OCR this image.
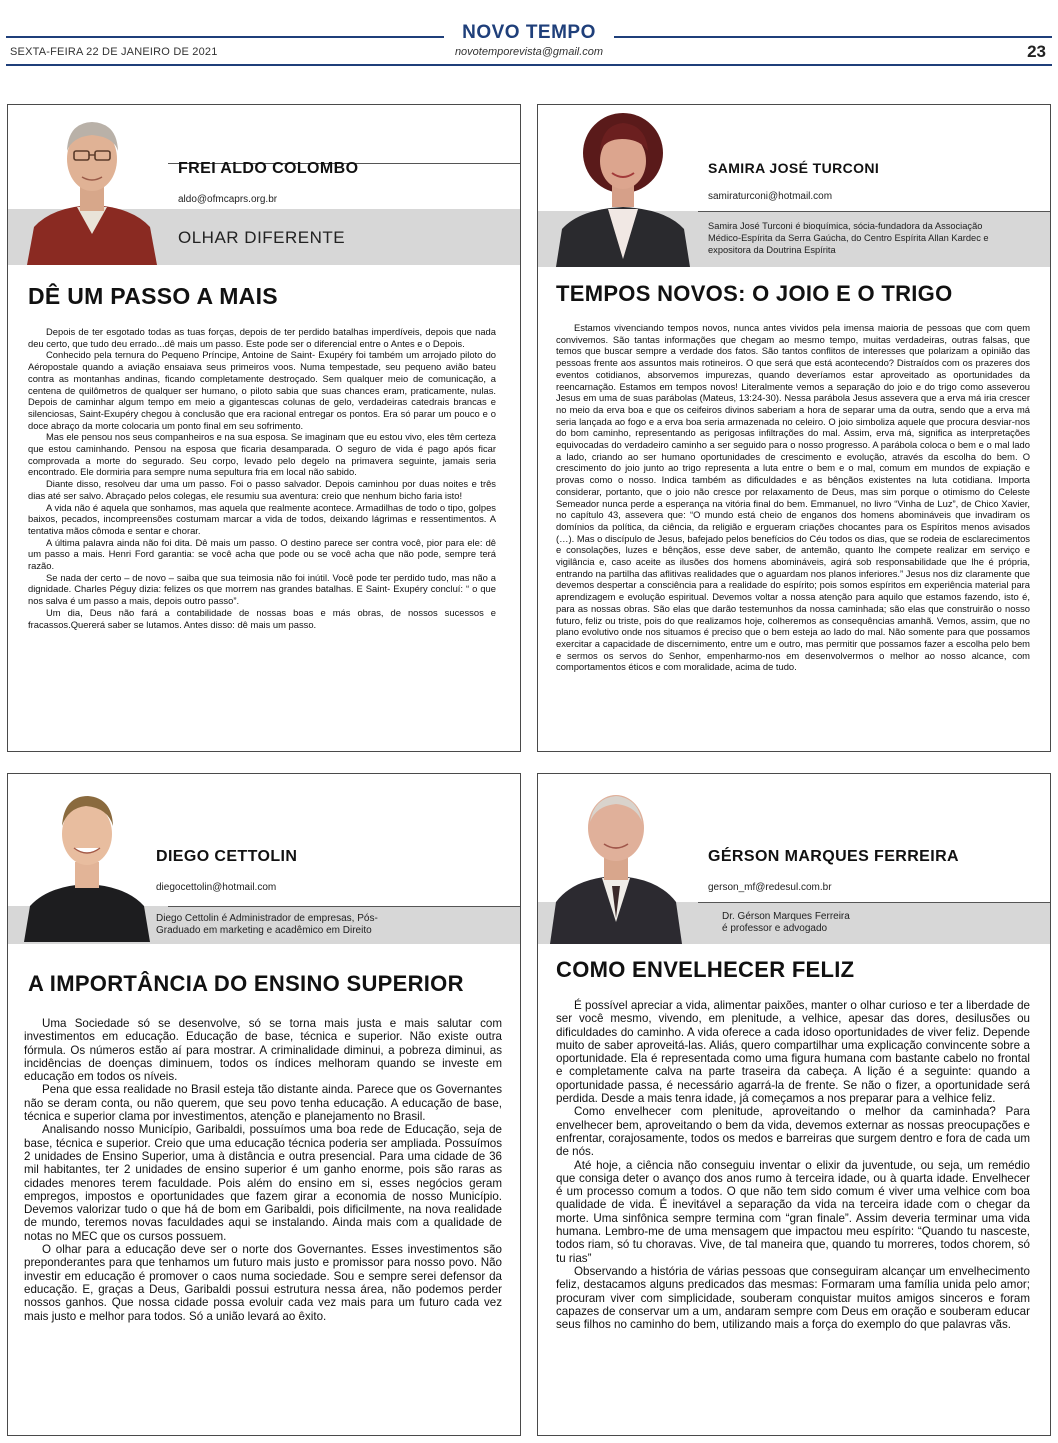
NOVO TEMPO
SEXTA-FEIRA 22 DE JANEIRO DE 2021	novotemporevista@gmail.com	23
FREI ALDO COLOMBO
aldo@ofmcaprs.org.br
OLHAR DIFERENTE
DÊ UM PASSO A MAIS

Depois de ter esgotado todas as tuas forças, depois de ter perdido batalhas imperdíveis, depois que nada deu certo, que tudo deu errado...dê mais um passo. Este pode ser o diferencial entre o Antes e o Depois.

Conhecido pela ternura do Pequeno Príncipe, Antoine de Saint- Exupéry foi também um arrojado piloto do Aéropostale quando a aviação ensaiava seus primeiros voos. Numa tempestade, seu pequeno avião bateu contra as montanhas andinas, ficando completamente destroçado. Sem qualquer meio de comunicação, a centena de quilômetros de qualquer ser humano, o piloto sabia que suas chances eram, praticamente, nulas. Depois de caminhar algum tempo em meio a gigantescas colunas de gelo, verdadeiras catedrais brancas e silenciosas, Saint-Exupéry chegou à conclusão que era racional entregar os pontos. Era só parar um pouco e o doce abraço da morte colocaria um ponto final em seu sofrimento.

Mas ele pensou nos seus companheiros e na sua esposa. Se imaginam que eu estou vivo, eles têm certeza que estou caminhando. Pensou na esposa que ficaria desamparada. O seguro de vida é pago após ficar comprovada a morte do segurado. Seu corpo, levado pelo degelo na primavera seguinte, jamais seria encontrado. Ele dormiria para sempre numa sepultura fria em local não sabido.

Diante disso, resolveu dar uma um passo. Foi o passo salvador. Depois caminhou por duas noites e três dias até ser salvo. Abraçado pelos colegas, ele resumiu sua aventura: creio que nenhum bicho faria isto!

A vida não é aquela que sonhamos, mas aquela que realmente acontece. Armadilhas de todo o tipo, golpes baixos, pecados, incompreensões costumam marcar a vida de todos, deixando lágrimas e ressentimentos. A tentativa mãos cômoda e sentar e chorar.

A última palavra ainda não foi dita. Dê mais um passo. O destino parece ser contra você, pior para ele: dê um passo a mais. Henri Ford garantia: se você acha que pode ou se você acha que não pode, sempre terá razão.

Se nada der certo – de novo – saiba que sua teimosia não foi inútil. Você pode ter perdido tudo, mas não a dignidade. Charles Péguy dizia: felizes os que morrem nas grandes batalhas. E Saint- Exupéry concluí: “ o que nos salva é um passo a mais, depois outro passo”.

Um dia, Deus não fará a contabilidade de nossas boas e más obras, de nossos sucessos e fracassos.Quererá saber se lutamos. Antes disso: dê mais um passo.

SAMIRA JOSÉ TURCONI
samiraturconi@hotmail.com
Samira José Turconi é bioquímica, sócia-fundadora da Associação Médico-Espírita da Serra Gaúcha, do Centro Espírita Allan Kardec e expositora da Doutrina Espírita
TEMPOS NOVOS: O JOIO E O TRIGO

Estamos vivenciando tempos novos, nunca antes vividos pela imensa maioria de pessoas que com quem convivemos. São tantas informações que chegam ao mesmo tempo, muitas verdadeiras, outras falsas, que temos que buscar sempre a verdade dos fatos. São tantos conflitos de interesses que polarizam a opinião das pessoas frente aos assuntos mais rotineiros. O que será que está acontecendo? Distraídos com os prazeres dos eventos cotidianos, absorvemos impurezas, quando deveríamos estar aproveitado as oportunidades da reencarnação. Estamos em tempos novos! Literalmente vemos a separação do joio e do trigo como asseverou Jesus em uma de suas parábolas (Mateus, 13:24-30). Nessa parábola Jesus assevera que a erva má iria crescer no meio da erva boa e que os ceifeiros divinos saberiam a hora de separar uma da outra, sendo que a erva má seria lançada ao fogo e a erva boa seria armazenada no celeiro. O joio simboliza aquele que procura desviar-nos do bom caminho, representando as perigosas infiltrações do mal. Assim, erva má, significa as interpretações equivocadas do verdadeiro caminho a ser seguido para o nosso progresso. A parábola coloca o bem e o mal lado a lado, criando ao ser humano oportunidades de crescimento e evolução, através da escolha do bem. O crescimento do joio junto ao trigo representa a luta entre o bem e o mal, comum em mundos de expiação e provas como o nosso. Indica também as dificuldades e as bênçãos existentes na luta cotidiana. Importa considerar, portanto, que o joio não cresce por relaxamento de Deus, mas sim porque o otimismo do Celeste Semeador nunca perde a esperança na vitória final do bem. Emmanuel, no livro “Vinha de Luz”, de Chico Xavier, no capítulo 43, assevera que: “O mundo está cheio de enganos dos homens abomináveis que invadiram os domínios da política, da ciência, da religião e ergueram criações chocantes para os Espíritos menos avisados (…). Mas o discípulo de Jesus, bafejado pelos benefícios do Céu todos os dias, que se rodeia de esclarecimentos e consolações, luzes e bênçãos, esse deve saber, de antemão, quanto lhe compete realizar em serviço e vigilância e, caso aceite as ilusões dos homens abomináveis, agirá sob responsabilidade que lhe é própria, entrando na partilha das aflitivas realidades que o aguardam nos planos inferiores.” Jesus nos diz claramente que devemos despertar a consciência para a realidade do espírito; pois somos espíritos em experiência material para aprendizagem e evolução espiritual. Devemos voltar a nossa atenção para aquilo que estamos fazendo, isto é, para as nossas obras. São elas que darão testemunhos da nossa caminhada; são elas que construirão o nosso futuro, feliz ou triste, pois do que realizamos hoje, colheremos as consequências amanhã. Vemos, assim, que no plano evolutivo onde nos situamos é preciso que o bem esteja ao lado do mal. Não somente para que possamos exercitar a capacidade de discernimento, entre um e outro, mas permitir que possamos fazer a escolha pelo bem e sermos os servos do Senhor, empenharmo-nos em desenvolvermos o melhor ao nosso alcance, com comportamentos éticos e com moralidade, acima de tudo.

DIEGO CETTOLIN
diegocettolin@hotmail.com
Diego Cettolin é Administrador de empresas, Pós-Graduado em marketing e acadêmico em Direito
A IMPORTÂNCIA DO ENSINO SUPERIOR

Uma Sociedade só se desenvolve, só se torna mais justa e mais salutar com investimentos em educação. Educação de base, técnica e superior. Não existe outra fórmula. Os números estão aí para mostrar. A criminalidade diminui, a pobreza diminui, as incidências de doenças diminuem, todos os índices melhoram quando se investe em educação em todos os níveis.

Pena que essa realidade no Brasil esteja tão distante ainda. Parece que os Governantes não se deram conta, ou não querem, que seu povo tenha educação. A educação de base, técnica e superior clama por investimentos, atenção e planejamento no Brasil.

Analisando nosso Município, Garibaldi, possuímos uma boa rede de Educação, seja de base, técnica e superior. Creio que uma educação técnica poderia ser ampliada. Possuímos 2 unidades de Ensino Superior, uma à distância e outra presencial. Para uma cidade de 36 mil habitantes, ter 2 unidades de ensino superior é um ganho enorme, pois são raras as cidades menores terem faculdade. Pois além do ensino em si, esses negócios geram empregos, impostos e oportunidades que fazem girar a economia de nosso Município. Devemos valorizar tudo o que há de bom em Garibaldi, pois dificilmente, na nova realidade de mundo, teremos novas faculdades aqui se instalando. Ainda mais com a qualidade de notas no MEC que os cursos possuem.

O olhar para a educação deve ser o norte dos Governantes. Esses investimentos são preponderantes para que tenhamos um futuro mais justo e promissor para nosso povo. Não investir em educação é promover o caos numa sociedade. Sou e sempre serei defensor da educação. E, graças a Deus, Garibaldi possui estrutura nessa área, não podemos perder nossos ganhos. Que nossa cidade possa evoluir cada vez mais para um futuro cada vez mais justo e melhor para todos. Só a união levará ao êxito.

GÉRSON MARQUES FERREIRA
gerson_mf@redesul.com.br
Dr. Gérson Marques Ferreira é professor e advogado
COMO ENVELHECER FELIZ

É possível apreciar a vida, alimentar paixões, manter o olhar curioso e ter a liberdade de ser você mesmo, vivendo, em plenitude, a velhice, apesar das dores, desilusões ou dificuldades do caminho. A vida oferece a cada idoso oportunidades de viver feliz. Depende muito de saber aproveitá-las. Aliás, quero compartilhar uma explicação convincente sobre a oportunidade. Ela é representada como uma figura humana com bastante cabelo no frontal e completamente calva na parte traseira da cabeça. A lição é a seguinte: quando a oportunidade passa, é necessário agarrá-la de frente. Se não o fizer, a oportunidade será perdida. Desde a mais tenra idade, já começamos a nos preparar para a velhice feliz.

Como envelhecer com plenitude, aproveitando o melhor da caminhada? Para envelhecer bem, aproveitando o bem da vida, devemos externar as nossas preocupações e enfrentar, corajosamente, todos os medos e barreiras que surgem dentro e fora de cada um de nós.

Até hoje, a ciência não conseguiu inventar o elixir da juventude, ou seja, um remédio que consiga deter o avanço dos anos rumo à terceira idade, ou à quarta idade. Envelhecer é um processo comum a todos. O que não tem sido comum é viver uma velhice com boa qualidade de vida. É inevitável a separação da vida na terceira idade com o chegar da morte. Uma sinfônica sempre termina com “gran finale”. Assim deveria terminar uma vida humana. Lembro-me de uma mensagem que impactou meu espírito: “Quando tu nasceste, todos riam, só tu choravas. Vive, de tal maneira que, quando tu morreres, todos chorem, só tu rias”

Observando a história de várias pessoas que conseguiram alcançar um envelhecimento feliz, destacamos alguns predicados das mesmas: Formaram uma família unida pelo amor; procuram viver com simplicidade, souberam conquistar muitos amigos sinceros e foram capazes de conservar um a um, andaram sempre com Deus em oração e souberam educar seus filhos no caminho do bem, utilizando mais a força do exemplo do que palavras vãs.
